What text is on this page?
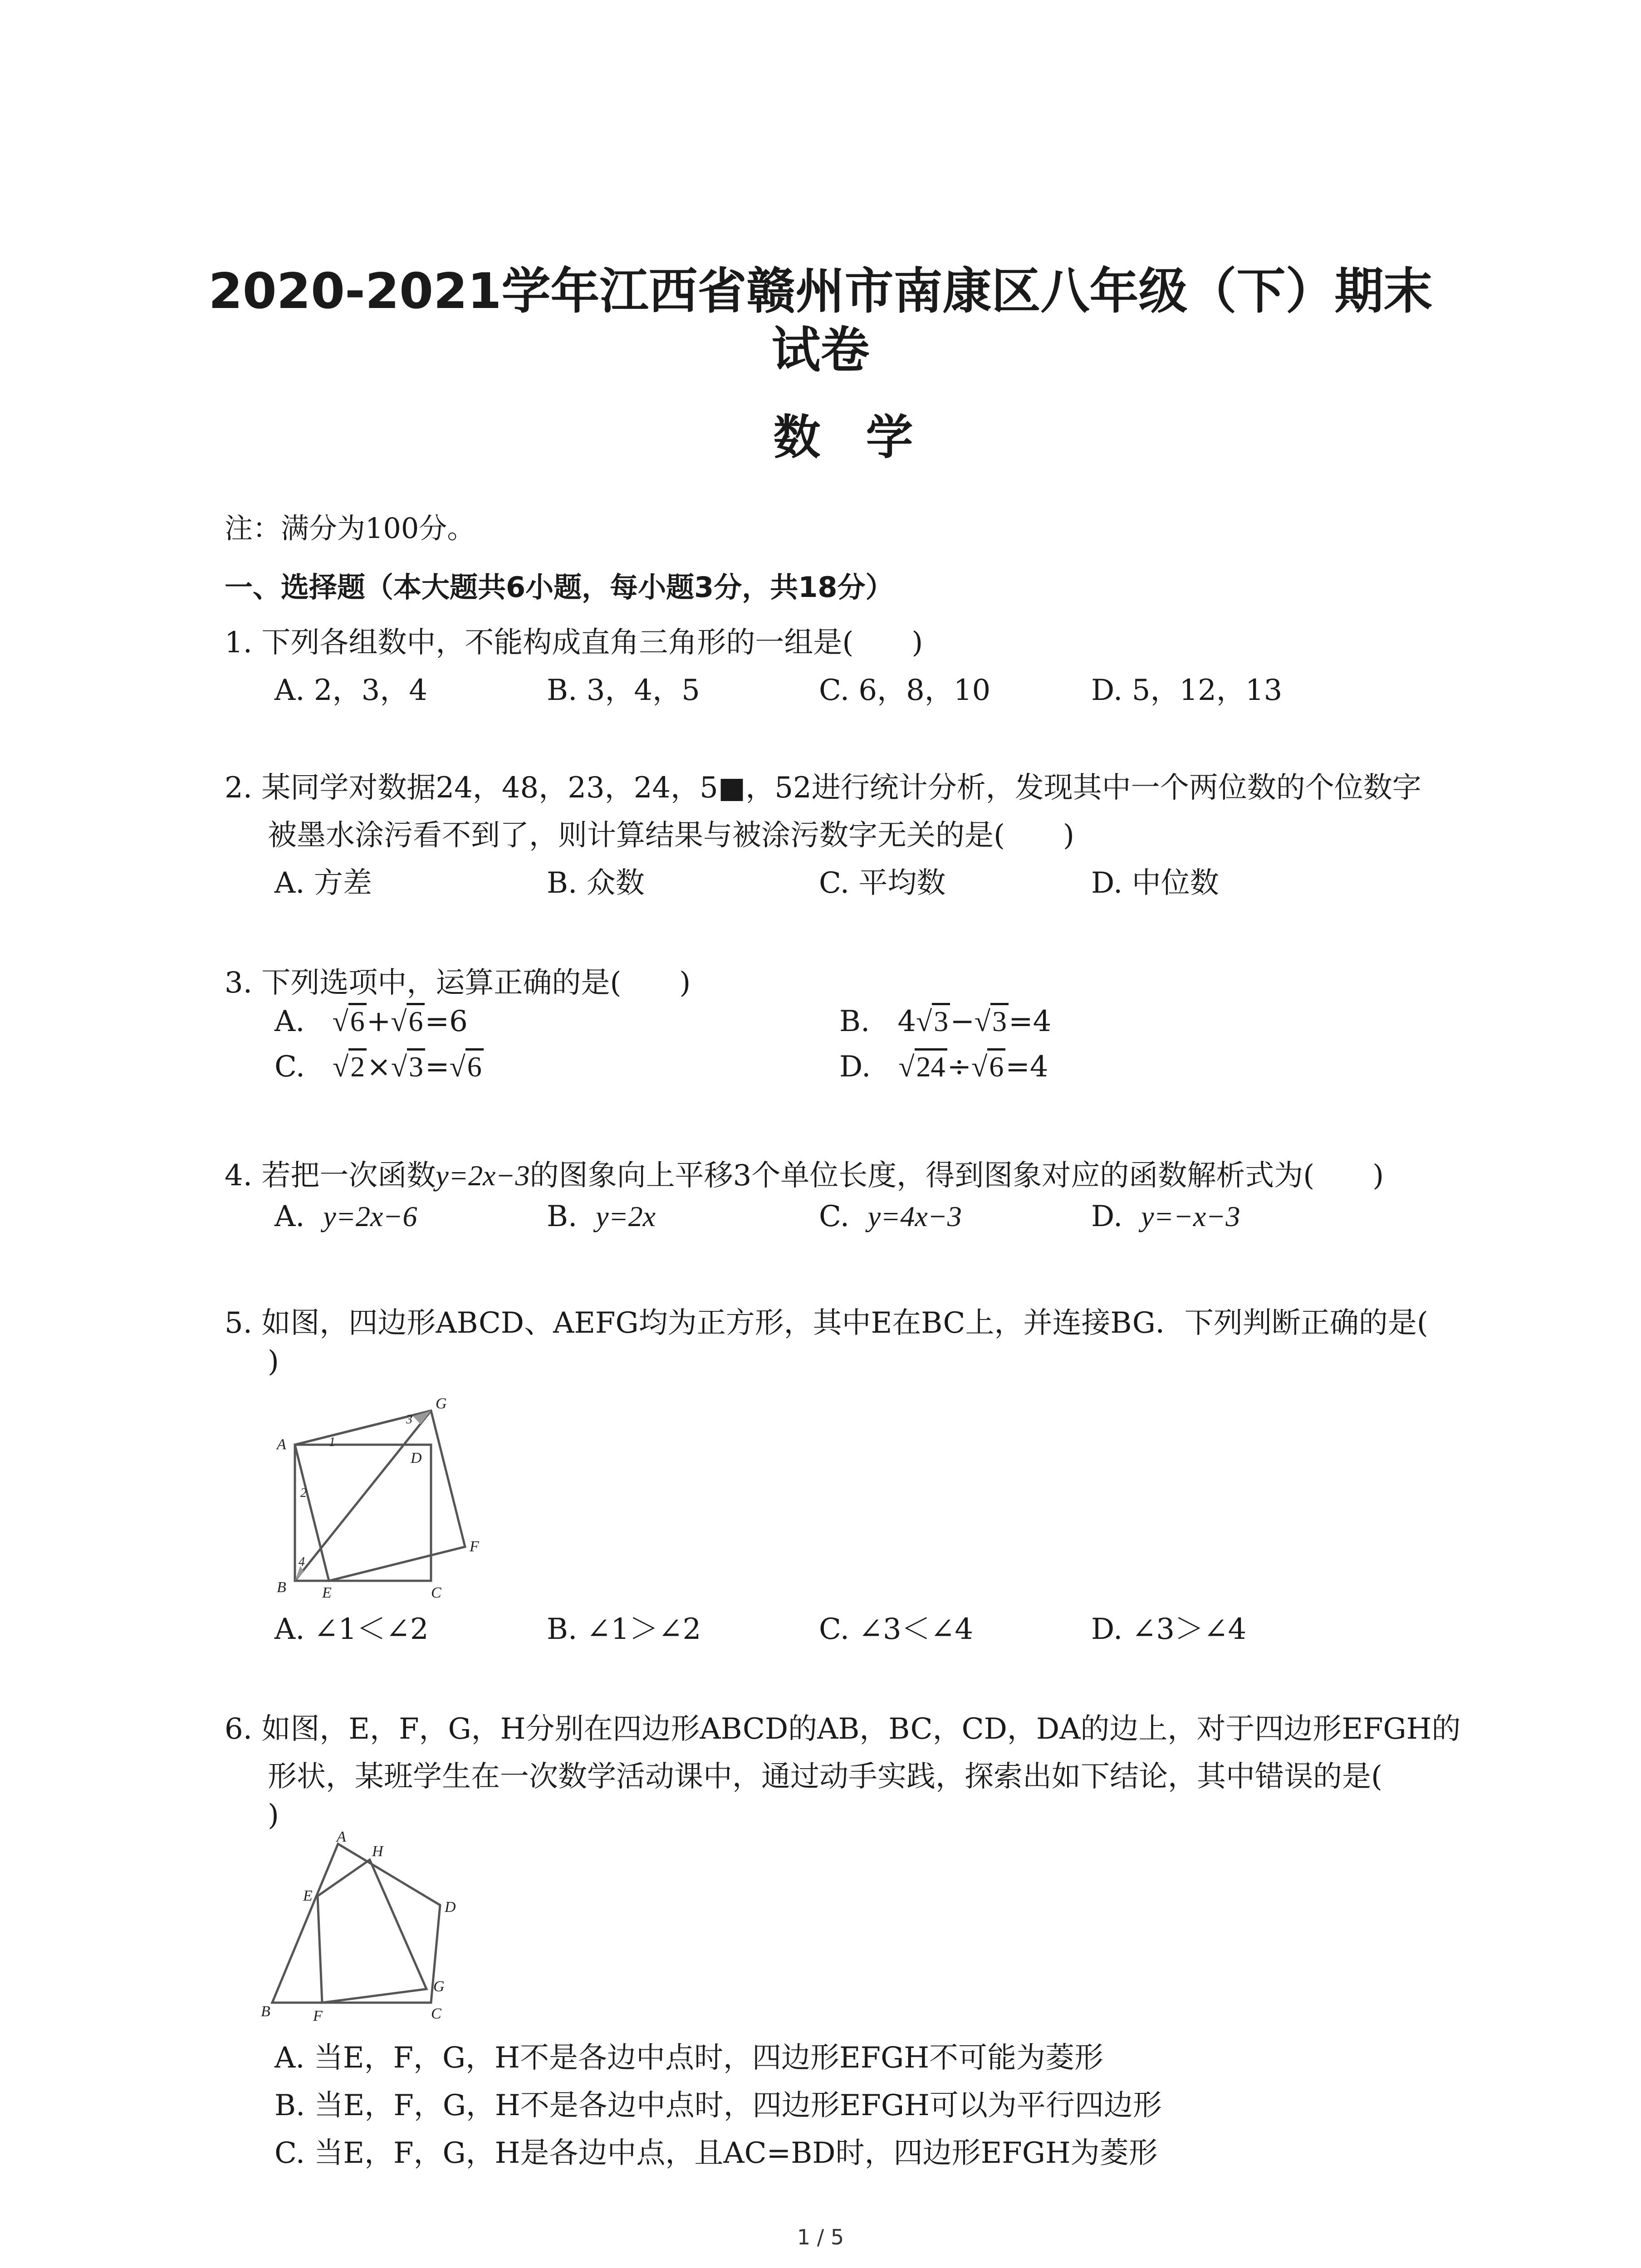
2020-2021学年江西省赣州市南康区八年级（下）期末
试卷
数学
注：满分为100分。
一、选择题（本大题共6小题，每小题3分，共18分）
1. 下列各组数中，不能构成直角三角形的一组是(　　)
A. 2，3，4	B. 3，4，5	C. 6，8，10	D. 5，12，13
2. 某同学对数据24，48，23，24，5■，52进行统计分析，发现其中一个两位数的个位数字
被墨水涂污看不到了，则计算结果与被涂污数字无关的是(　　)
A. 方差	B. 众数	C. 平均数	D. 中位数
3. 下列选项中，运算正确的是(　　)
A. √6+√6=6	B. 4√3−√3=4
C. √2×√3=√6	D. √24÷√6=4
4. 若把一次函数y=2x−3的图象向上平移3个单位长度，得到图象对应的函数解析式为(　　)
A. y=2x−6	B. y=2x	C. y=4x−3	D. y=−x−3
5. 如图，四边形ABCD、AEFG均为正方形，其中E在BC上，并连接BG．下列判断正确的是(
)
A
B	C
D
E
F
G
1
2
3
4
A. ∠1＜∠2	B. ∠1＞∠2	C. ∠3＜∠4	D. ∠3＞∠4
6. 如图，E，F，G，H分别在四边形ABCD的AB，BC，CD，DA的边上，对于四边形EFGH的
形状，某班学生在一次数学活动课中，通过动手实践，探索出如下结论，其中错误的是(
)
A
B	C
D
E
F
G
H
A. 当E，F，G，H不是各边中点时，四边形EFGH不可能为菱形
B. 当E，F，G，H不是各边中点时，四边形EFGH可以为平行四边形
C. 当E，F，G，H是各边中点，且AC=BD时，四边形EFGH为菱形
1 / 5
